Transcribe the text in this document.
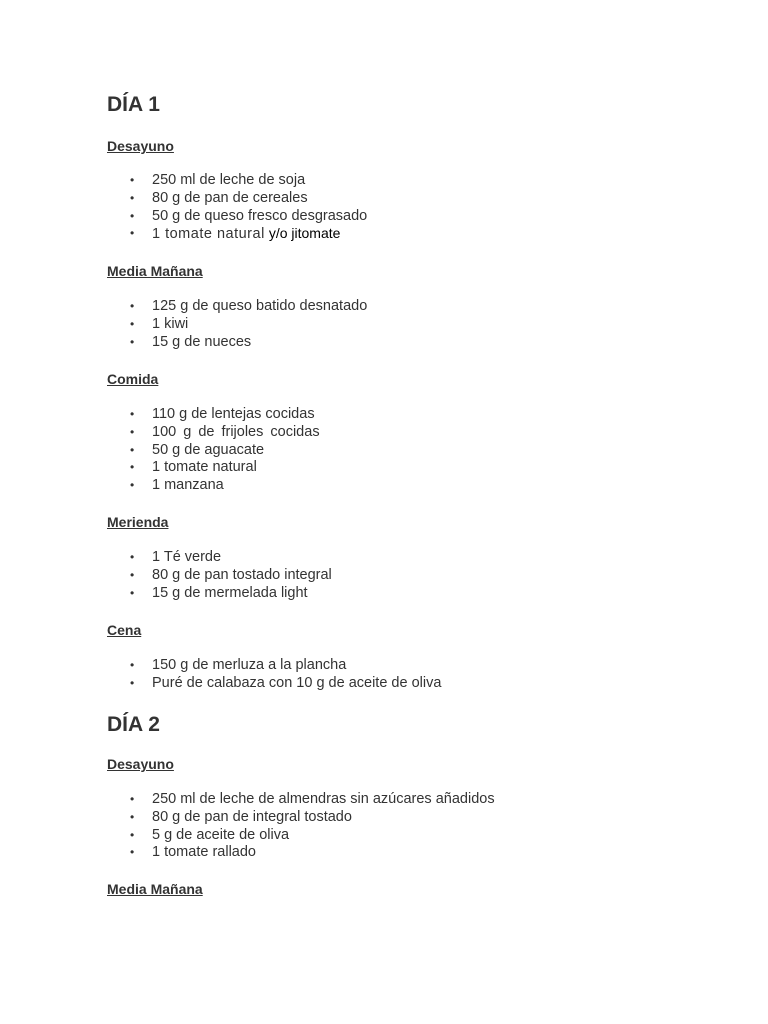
DÍA 1
Desayuno
• 250 ml de leche de soja
• 80 g de pan de cereales
• 50 g de queso fresco desgrasado
• 1 tomate natural y/o jitomate
Media Mañana
• 125 g de queso batido desnatado
• 1 kiwi
• 15 g de nueces
Comida
• 110 g de lentejas cocidas
• 100 g de frijoles cocidas
• 50 g de aguacate
• 1 tomate natural
• 1 manzana
Merienda
• 1 Té verde
• 80 g de pan tostado integral
• 15 g de mermelada light
Cena
• 150 g de merluza a la plancha
• Puré de calabaza con 10 g de aceite de oliva
DÍA 2
Desayuno
• 250 ml de leche de almendras sin azúcares añadidos
• 80 g de pan de integral tostado
• 5 g de aceite de oliva
• 1 tomate rallado
Media Mañana
